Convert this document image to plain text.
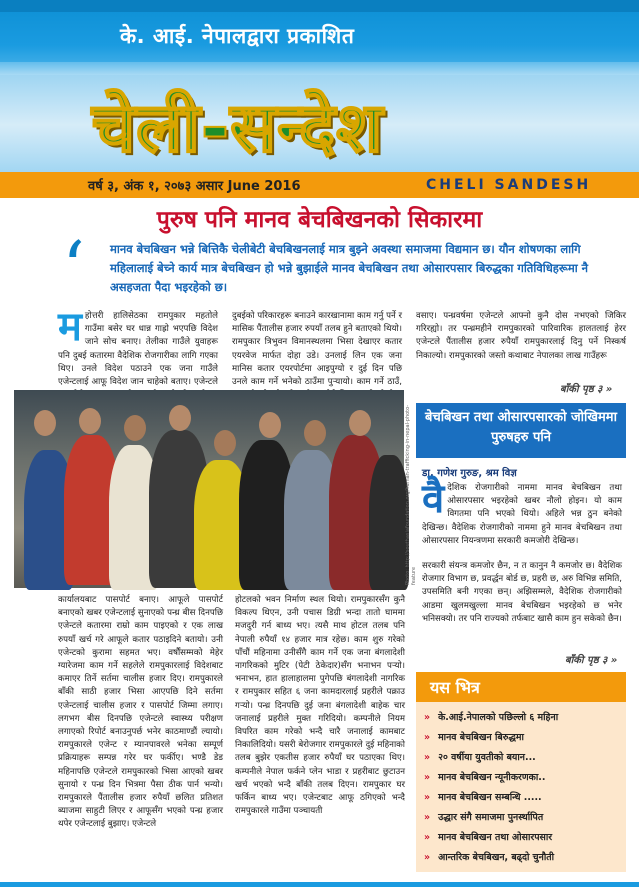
के. आई. नेपालद्वारा प्रकाशित
चेली-सन्देश
वर्ष ३, अंक १, २०७३ असार June 2016	CHELI SANDESH
पुरुष पनि मानव बेचबिखनको सिकारमा
‘ मानव बेचबिखन भन्ने बित्तिकै चेलीबेटी बेचबिखनलाई मात्र बुझ्ने अवस्था समाजमा विद्यमान छ। यौन शोषणका लागि महिलालाई बेच्ने कार्य मात्र बेचबिखन हो भन्ने बुझाईले मानव बेचबिखन तथा ओसारपसार बिरुद्धका गतिविधिहरूमा नै असहजता पैदा भइरहेको छ।
म होत्तरी हालिसेठका रामपुकार महतोले गाउँमा बसेर घर धान्न गाह्रो भएपछि विदेश जाने सोच बनाए। तेलीका गाउँले युवाहरू पनि दुबई कतारमा वैदेशिक रोजगारीका लागि गएका थिए। उनले विदेश पठाउने एक जना गाउँले एजेन्टलाई आफू विदेश जान चाहेको बताए। एजेन्टले
दुबईको परिकारहरू बनाउने कारखानामा काम गर्नु पर्ने र मासिक पैंतालीस हजार रुपयाँ तलब हुने बताएको थियो। रामपुकार त्रिभुवन विमानस्थलमा भिसा देखाएर कतार एयरवेज मार्फत दोहा उडे। उनलाई लिन एक जना मानिस कतार एयरपोर्टमा आइपुग्यो र दुई दिन पछि उनले काम गर्ने भनेको ठाउँमा पुर्‍यायो। काम गर्ने ठाउँ,
वसाए। पन्ध्रवर्षमा एजेन्टले आफ्नो कुनै दोस नभएको जिकिर गरिरह्यो। तर पन्ध्रमहीने रामपुकारको पारिवारिक हालतलाई हेरर एजेन्टले पैंतालीस हजार रुपैयाँ रामपुकारलाई दिनु पर्ने निस्कर्ष निकाल्यो। रामपुकारको जस्तो कथाबाट नेपालका लाख गाउँहरू
बाँकी पृष्ठ ३ »
Photo: http://southasiafoundation.org/human-trafficking-in-nepal-photo-feature
बेचबिखन तथा ओसारपसारको जोखिममा पुरुषहरु पनि
डा. गणेश गुरुङ, श्रम विज्ञ
वै देशिक रोजगारीको नाममा मानव बेचबिखन तथा ओसारपसार भइरहेको खबर नौलो होइन। यो काम विगतमा पनि भएको थियो। अहिले भन्न ठुन बनेको देखिन्छ। वैदेशिक रोजगारीको नाममा हुने मानव बेचबिखन तथा ओसारपसार नियन्त्रणमा सरकारी कमजोरी देखिन्छ।
सरकारी संयन्त्र कमजोर छैन, न त कानुन नै कमजोर छ। वैदेशिक रोजगार विभाग छ, प्रवर्द्धन बोर्ड छ, प्रहरी छ, अरु विभिन्न समिति, उपसमिति बनी गएका छन्। अझिसम्मले, वैदेशिक रोजगारीको आडमा खुलमखुल्ला मानव बेचबिखन भइरहेको छ भनेर भनिसक्यो। तर पनि राज्यको तर्फबाट खासै काम हुन सकेको छैन।
बाँकी पृष्ठ ३ »
कार्यालयबाट पासपोर्ट बनाए। आफूले पासपोर्ट बनाएको खबर एजेन्टलाई सुनाएको पन्ध्र बीस दिनपछि एजेन्टले कतारमा राम्रो काम पाइएको र एक लाख रुपयाँ खर्च गरे आफूले कतार पठाइदिने बतायो। उनी एजेन्टको कुरामा सहमत भए। वर्षौंसम्मको मेहेर ग्यारेजमा काम गर्ने सहलेले रामपुकारलाई विदेशबाट कमाएर तिर्ने सर्तमा चालीस हजार दिए। रामपुकारले बाँकी साठी हजार भिसा आएपछि दिने सर्तमा एजेन्टलाई चालीस हजार र पासपोर्ट जिम्मा लगाए। लगभग बीस दिनपछि एजेन्टले स्वास्थ्य परीक्षण लगाएको रिपोर्ट बनाउनुपर्छ भनेर काठमाण्डौं ल्यायो। रामपुकारले एजेन्ट र म्यानपावरले भनेका सम्पूर्ण प्रक्रियाहरू सम्पन्न गरेर घर फर्कीए। भण्डै डेड महिनापछि एजेन्टले रामपुकारको भिसा आएको खबर सुनायो र पन्ध्र दिन भित्रमा पैसा ठीक पार्न भन्यो। रामपुकारले पैंतालीस हजार रुपैयाँ छलित प्रतिशत ब्याजमा साहुटी लिएर र आफूसँग भएको पन्ध्र हजार थपेर एजेन्टलाई बुझाए। एजेन्टले
होटलको भवन निर्माण स्थल थियो। रामपुकारसँग कुनै विकल्प थिएन, उनी पचास डिग्री भन्दा तातो घाममा मजदुरी गर्न बाध्य भए। त्यसै माथ होटल तलब पनि नेपाली रुपैयाँ १४ हजार मात्र रहेछ। काम शुरु गरेको पाँचौं महिनामा उनीसँगै काम गर्ने एक जना बंगलादेशी नागरिकको मुटिर (पेटी ठेकेदार)सँग भनाभन पर्‍यो। भनाभन, हात हालाहालमा पुगेपछि बंगलादेशी नागरिक र रामपुकार सहित ६ जना कामदारलाई प्रहरीले पक्राउ गर्‍यो। पन्ध्र दिनपछि दुई जना बंगलादेशी बाहेक चार जनालाई प्रहरीले मुक्त गरिदियो। कम्पनीले नियम विपरित काम गरेको भन्दै चारै जनालाई कामबाट निकालिदियो। यसरी बेरोजगार रामपुकारले दुई महिनाको तलब बुझेर एकतीस हजार रुपैयाँ घर पठाएका थिए। कम्पनीले नेपाल फर्कने प्लेन भाडा र प्रहरीबाट छुटाउन खर्च भएको भन्दै बाँकी तलब दिएन। रामपुकार घर फर्किन बाध्य भए। एजेन्टबाट आफू ठगिएको भन्दै रामपुकारले गाउँमा पञ्चायती
यस भित्र
» के.आई.नेपालको पछिल्लो ६ महिना
» मानव बेचबिखन बिरुद्धमा
» २० वर्षीया युवतीको बयान...
» मानव बेचबिखन न्यूनीकरणका..
» मानव बेचबिखन सम्बन्धि .....
» उद्धार संगै समाजमा पुनर्स्थापित
» मानव बेचबिखन तथा ओसारपसार
» आन्तरिक बेचबिखन, बढ्दो चुनौती
